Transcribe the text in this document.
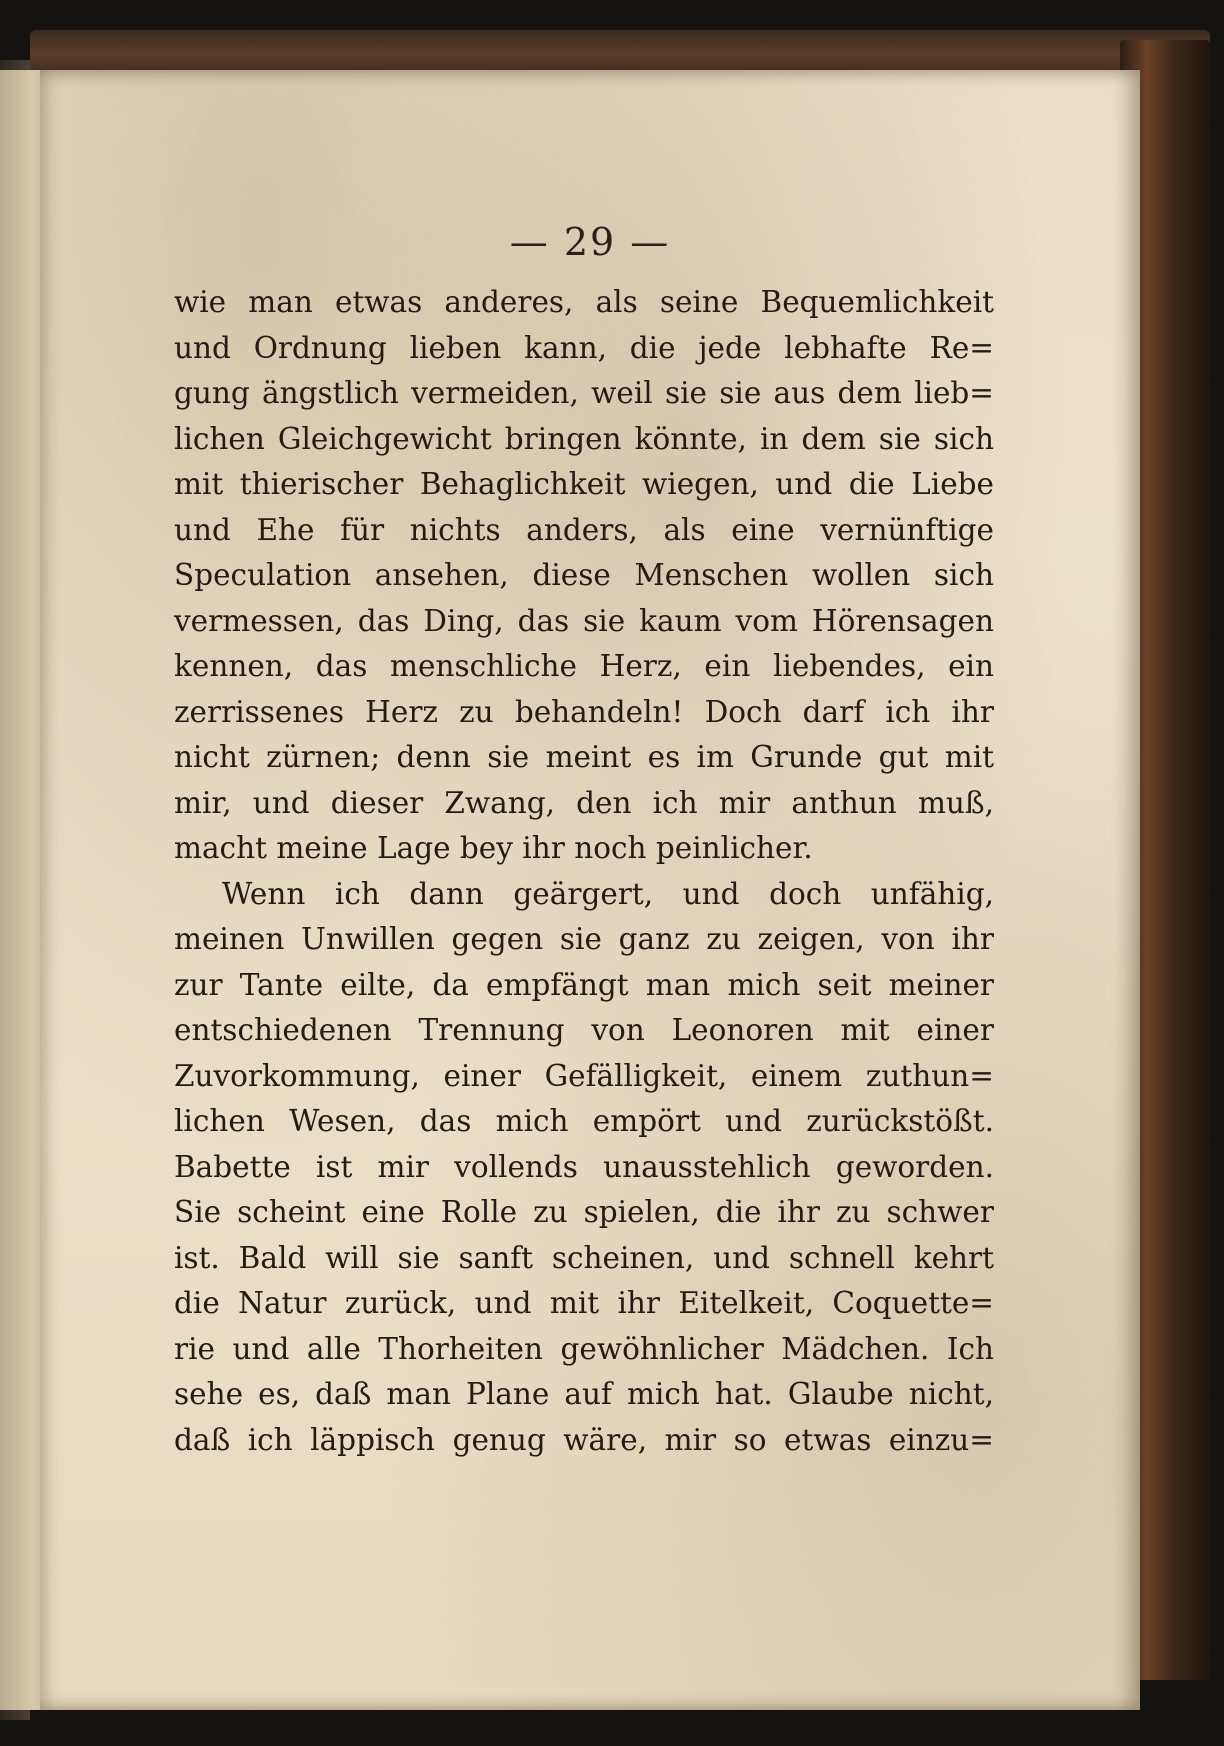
— 29 —
wie man etwas anderes, als seine Bequemlichkeit
und Ordnung lieben kann, die jede lebhafte Re=
gung ängstlich vermeiden, weil sie sie aus dem lieb=
lichen Gleichgewicht bringen könnte, in dem sie sich
mit thierischer Behaglichkeit wiegen, und die Liebe
und Ehe für nichts anders, als eine vernünftige
Speculation ansehen, diese Menschen wollen sich
vermessen, das Ding, das sie kaum vom Hörensagen
kennen, das menschliche Herz, ein liebendes, ein
zerrissenes Herz zu behandeln! Doch darf ich ihr
nicht zürnen; denn sie meint es im Grunde gut mit
mir, und dieser Zwang, den ich mir anthun muß,
macht meine Lage bey ihr noch peinlicher.
Wenn ich dann geärgert, und doch unfähig,
meinen Unwillen gegen sie ganz zu zeigen, von ihr
zur Tante eilte, da empfängt man mich seit meiner
entschiedenen Trennung von Leonoren mit einer
Zuvorkommung, einer Gefälligkeit, einem zuthun=
lichen Wesen, das mich empört und zurückstößt.
Babette ist mir vollends unausstehlich geworden.
Sie scheint eine Rolle zu spielen, die ihr zu schwer
ist. Bald will sie sanft scheinen, und schnell kehrt
die Natur zurück, und mit ihr Eitelkeit, Coquette=
rie und alle Thorheiten gewöhnlicher Mädchen. Ich
sehe es, daß man Plane auf mich hat. Glaube nicht,
daß ich läppisch genug wäre, mir so etwas einzu=
